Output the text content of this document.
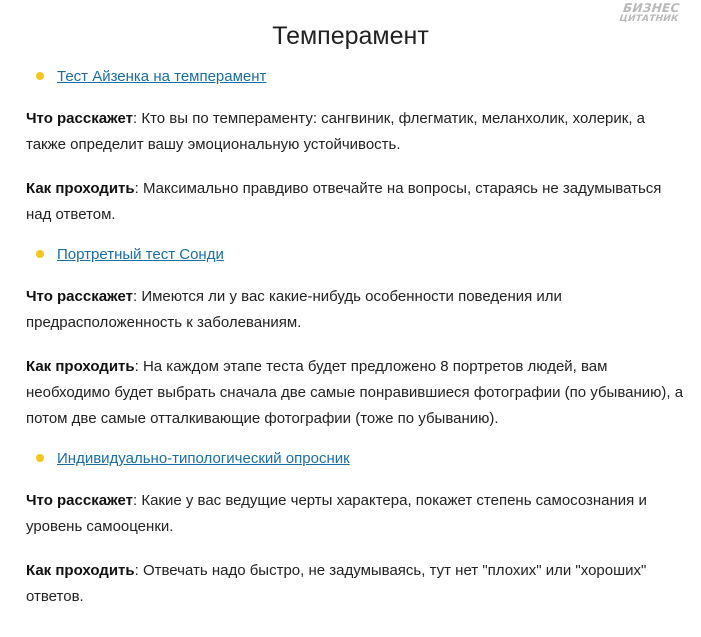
БИЗНЕС
ЦИТАТНИК
Темперамент
Тест Айзенка на темперамент

Что расскажет: Кто вы по темпераменту: сангвиник, флегматик, меланхолик, холерик, а также определит вашу эмоциональную устойчивость.

Как проходить: Максимально правдиво отвечайте на вопросы, стараясь не задумываться над ответом.

Портретный тест Сонди

Что расскажет: Имеются ли у вас какие-нибудь особенности поведения или предрасположенность к заболеваниям.

Как проходить: На каждом этапе теста будет предложено 8 портретов людей, вам необходимо будет выбрать сначала две самые понравившиеся фотографии (по убыванию), а потом две самые отталкивающие фотографии (тоже по убыванию).

Индивидуально-типологический опросник

Что расскажет: Какие у вас ведущие черты характера, покажет степень самосознания и уровень самооценки.

Как проходить: Отвечать надо быстро, не задумываясь, тут нет "плохих" или "хороших" ответов.
